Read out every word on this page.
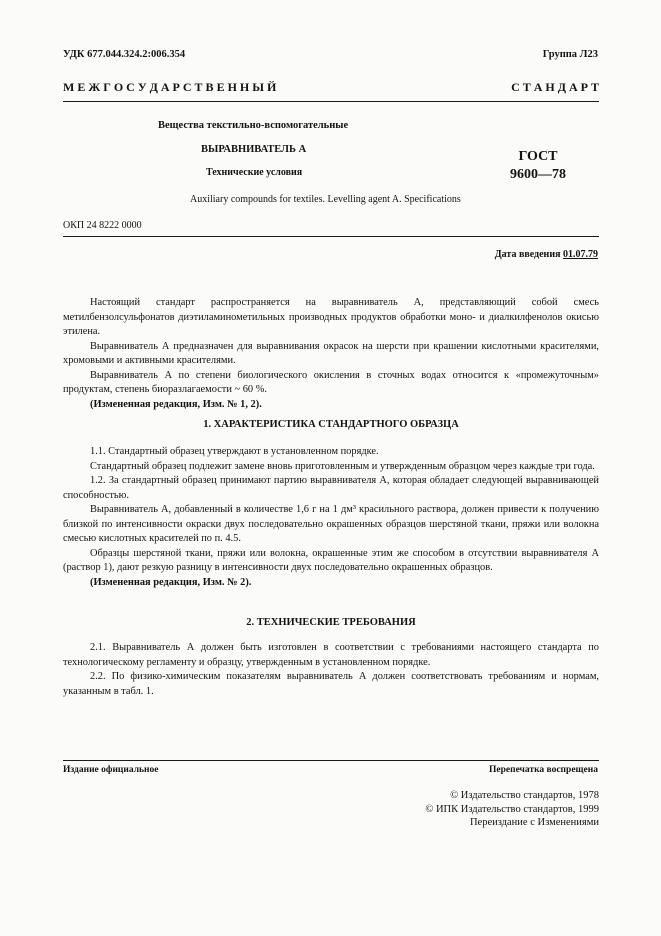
УДК 677.044.324.2:006.354	Группа Л23
М Е Ж Г О С У Д А Р С Т В Е Н Н Ы Й	С Т А Н Д А Р Т
Вещества текстильно-вспомогательные
ВЫРАВНИВАТЕЛЬ А
Технические условия
ГОСТ
9600—78
Auxiliary compounds for textiles. Levelling agent A. Specifications
ОКП 24 8222 0000
Дата введения 01.07.79

Настоящий стандарт распространяется на выравниватель А, представляющий собой смесь метилбензолсульфонатов диэтиламинометильных производных продуктов обработки моно- и диалкилфенолов окисью этилена.

Выравниватель А предназначен для выравнивания окрасок на шерсти при крашении кислотными красителями, хромовыми и активными красителями.

Выравниватель А по степени биологического окисления в сточных водах относится к «промежуточным» продуктам, степень биоразлагаемости ~ 60 %.

(Измененная редакция, Изм. № 1, 2).

1. ХАРАКТЕРИСТИКА СТАНДАРТНОГО ОБРАЗЦА

1.1. Стандартный образец утверждают в установленном порядке.

Стандартный образец подлежит замене вновь приготовленным и утвержденным образцом через каждые три года.

1.2. За стандартный образец принимают партию выравнивателя А, которая обладает следующей выравнивающей способностью.

Выравниватель А, добавленный в количестве 1,6 г на 1 дм³ красильного раствора, должен привести к получению близкой по интенсивности окраски двух последовательно окрашенных образцов шерстяной ткани, пряжи или волокна смесью кислотных красителей по п. 4.5.

Образцы шерстяной ткани, пряжи или волокна, окрашенные этим же способом в отсутствии выравнивателя А (раствор 1), дают резкую разницу в интенсивности двух последовательно окрашенных образцов.

(Измененная редакция, Изм. № 2).

2. ТЕХНИЧЕСКИЕ ТРЕБОВАНИЯ

2.1. Выравниватель А должен быть изготовлен в соответствии с требованиями настоящего стандарта по технологическому регламенту и образцу, утвержденным в установленном порядке.

2.2. По физико-химическим показателям выравниватель А должен соответствовать требованиям и нормам, указанным в табл. 1.

Издание официальное	Перепечатка воспрещена
© Издательство стандартов, 1978
© ИПК Издательство стандартов, 1999
Переиздание с Изменениями
